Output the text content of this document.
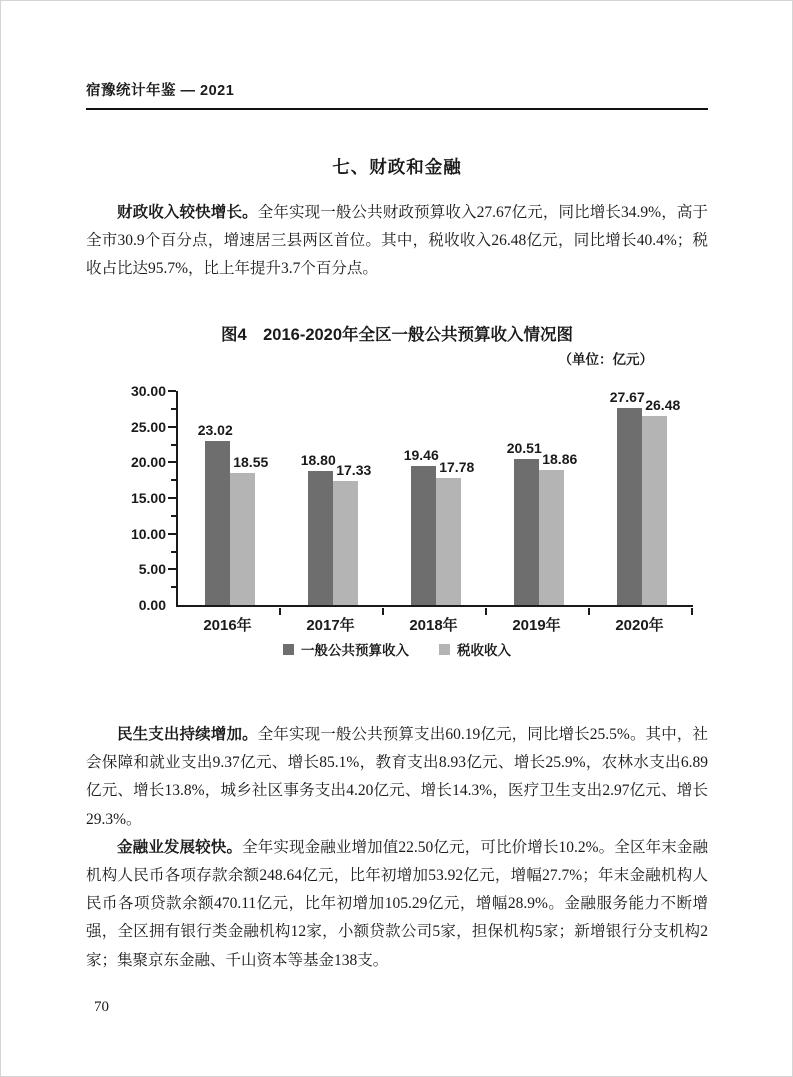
宿豫统计年鉴 — 2021
七、财政和金融

财政收入较快增长。全年实现一般公共财政预算收入27.67亿元，同比增长34.9%，高于全市30.9个百分点，增速居三县两区首位。其中，税收收入26.48亿元，同比增长40.4%；税收占比达95.7%，比上年提升3.7个百分点。

图4　2016-2020年全区一般公共预算收入情况图
（单位：亿元）
0.00
5.00
10.00
15.00
20.00
25.00
30.00
23.02
18.55 18.80
17.33
19.46
17.78
20.51
18.86
27.67
26.48
2016年	2017年	2018年	2019年	2020年
一般公共预算收入	税收收入

民生支出持续增加。全年实现一般公共预算支出60.19亿元，同比增长25.5%。其中，社会保障和就业支出9.37亿元、增长85.1%，教育支出8.93亿元、增长25.9%，农林水支出6.89亿元、增长13.8%，城乡社区事务支出4.20亿元、增长14.3%，医疗卫生支出2.97亿元、增长29.3%。

金融业发展较快。全年实现金融业增加值22.50亿元，可比价增长10.2%。全区年末金融机构人民币各项存款余额248.64亿元，比年初增加53.92亿元，增幅27.7%；年末金融机构人民币各项贷款余额470.11亿元，比年初增加105.29亿元，增幅28.9%。金融服务能力不断增强，全区拥有银行类金融机构12家，小额贷款公司5家，担保机构5家；新增银行分支机构2家；集聚京东金融、千山资本等基金138支。

70
